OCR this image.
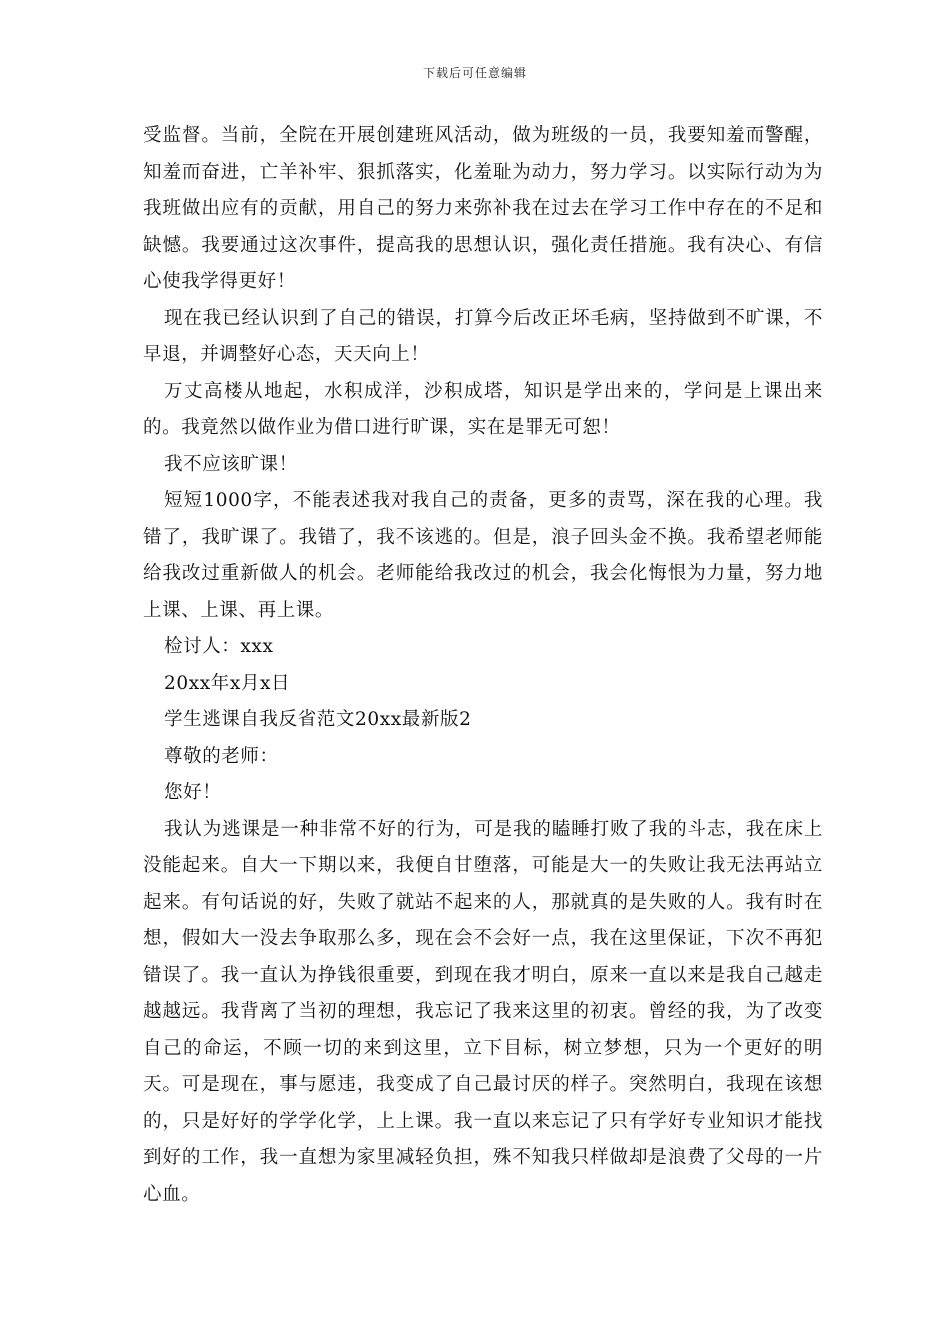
下载后可任意编辑

受监督。当前，全院在开展创建班风活动，做为班级的一员，我要知羞而警醒，知羞而奋进，亡羊补牢、狠抓落实，化羞耻为动力，努力学习。以实际行动为为我班做出应有的贡献，用自己的努力来弥补我在过去在学习工作中存在的不足和缺憾。我要通过这次事件，提高我的思想认识，强化责任措施。我有决心、有信心使我学得更好！

现在我已经认识到了自己的错误，打算今后改正坏毛病，坚持做到不旷课，不早退，并调整好心态，天天向上！

万丈高楼从地起，水积成洋，沙积成塔，知识是学出来的，学问是上课出来的。我竟然以做作业为借口进行旷课，实在是罪无可恕！

我不应该旷课！

短短1000字，不能表述我对我自己的责备，更多的责骂，深在我的心理。我错了，我旷课了。我错了，我不该逃的。但是，浪子回头金不换。我希望老师能给我改过重新做人的机会。老师能给我改过的机会，我会化悔恨为力量，努力地上课、上课、再上课。

检讨人：xxx

20xx年x月x日

学生逃课自我反省范文20xx最新版2

尊敬的老师：

您好！

我认为逃课是一种非常不好的行为，可是我的瞌睡打败了我的斗志，我在床上没能起来。自大一下期以来，我便自甘堕落，可能是大一的失败让我无法再站立起来。有句话说的好，失败了就站不起来的人，那就真的是失败的人。我有时在想，假如大一没去争取那么多，现在会不会好一点，我在这里保证，下次不再犯错误了。我一直认为挣钱很重要，到现在我才明白，原来一直以来是我自己越走越越远。我背离了当初的理想，我忘记了我来这里的初衷。曾经的我，为了改变自己的命运，不顾一切的来到这里，立下目标，树立梦想，只为一个更好的明天。可是现在，事与愿违，我变成了自己最讨厌的样子。突然明白，我现在该想的，只是好好的学学化学，上上课。我一直以来忘记了只有学好专业知识才能找到好的工作，我一直想为家里减轻负担，殊不知我只样做却是浪费了父母的一片心血。
